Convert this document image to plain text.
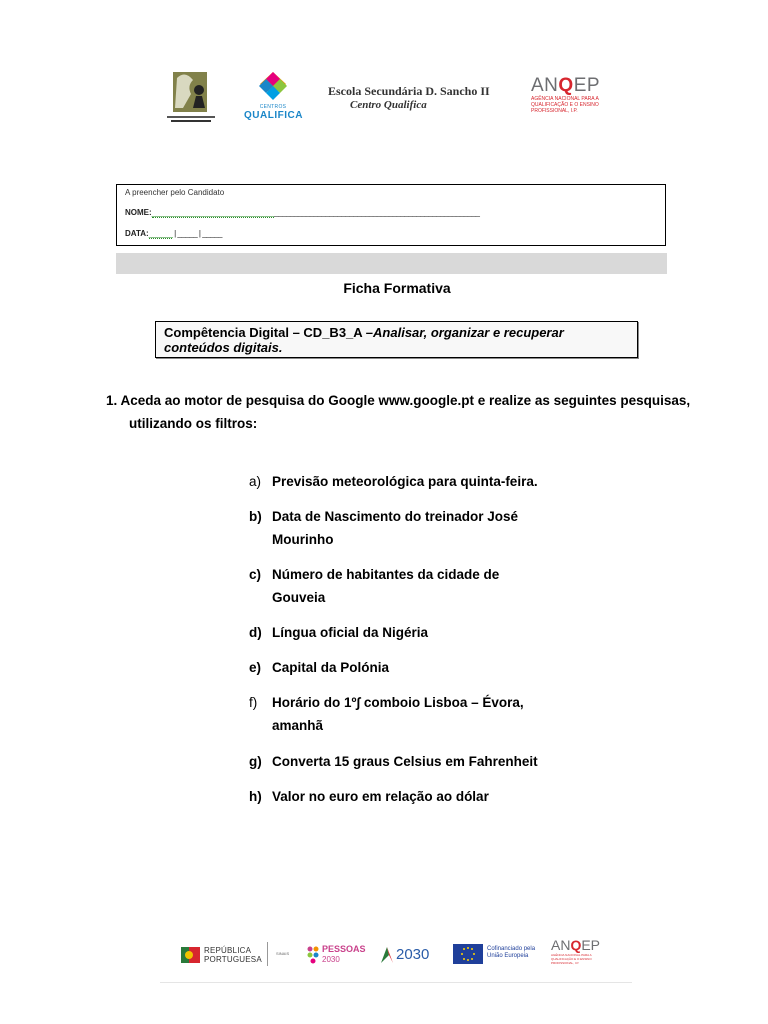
CENTROS
QUALIFICA
Escola Secundária D. Sancho II
Centro Qualifica
ANQEP
AGÊNCIA NACIONAL PARA A QUALIFICAÇÃO E O ENSINO PROFISSIONAL, I.P.
A preencher pelo Candidato
NOME:___________________________________________________________________________________
DATA:______ | _____ | _____
Ficha Formativa
Compêtencia Digital – CD_B3_A –Analisar, organizar e recuperar conteúdos digitais.
1. Aceda ao motor de pesquisa do Google www.google.pt e realize as seguintes pesquisas,
utilizando os filtros:
a) Previsão meteorológica para quinta-feira.
b) Data de Nascimento do treinador José
Mourinho
c) Número de habitantes da cidade de
Gouveia
d) Língua oficial da Nigéria
e) Capital da Polónia
f)	Horário do 1º∫ comboio Lisboa – Évora,
amanhã
g) Converta 15 graus Celsius em Fahrenheit
h) Valor no euro em relação ao dólar
REPÚBLICA
PORTUGUESA
SINAIS	PESSOAS
2030	2030	Cofinanciado pela União Europeia
ANQEP
AGÊNCIA NACIONAL PARA A QUALIFICAÇÃO E O ENSINO PROFISSIONAL, I.P.
